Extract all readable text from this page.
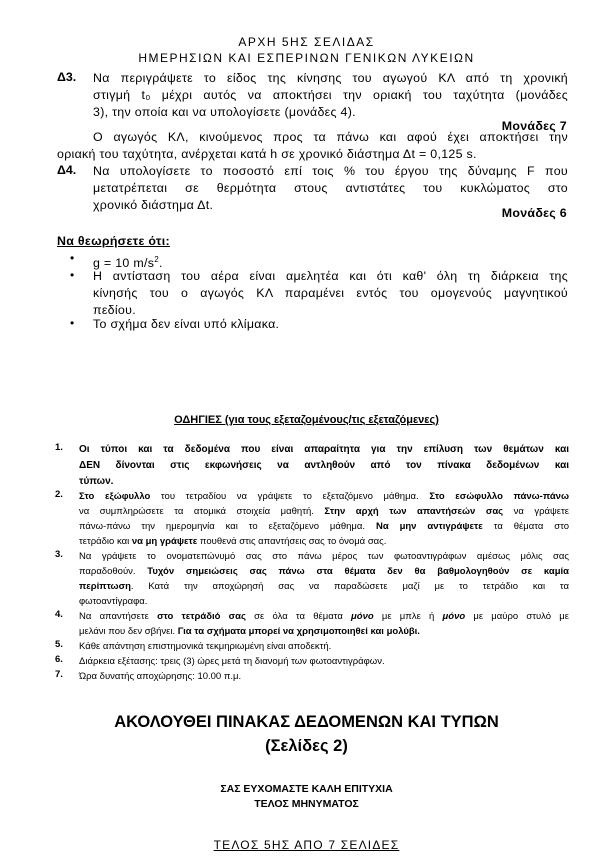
ΑΡΧΗ 5ΗΣ ΣΕΛΙΔΑΣ
ΗΜΕΡΗΣΙΩΝ ΚΑΙ ΕΣΠΕΡΙΝΩΝ ΓΕΝΙΚΩΝ ΛΥΚΕΙΩΝ
Δ3. Να περιγράψετε το είδος της κίνησης του αγωγού ΚΛ από τη χρονική
στιγμή t₀ μέχρι αυτός να αποκτήσει την οριακή του ταχύτητα (μονάδες
3), την οποία και να υπολογίσετε (μονάδες 4).
Μονάδες 7
Ο αγωγός ΚΛ, κινούμενος προς τα πάνω και αφού έχει αποκτήσει την
οριακή του ταχύτητα, ανέρχεται κατά h σε χρονικό διάστημα Δt = 0,125 s.
Δ4. Να υπολογίσετε το ποσοστό επί τοις % του έργου της δύναμης F που
μετατρέπεται σε θερμότητα στους αντιστάτες του κυκλώματος στο
χρονικό διάστημα Δt.
Μονάδες 6
Να θεωρήσετε ότι:
• g = 10 $m/s^2$.
• Η αντίσταση του αέρα είναι αμελητέα και ότι καθ' όλη τη διάρκεια της
κίνησής του ο αγωγός ΚΛ παραμένει εντός του ομογενούς μαγνητικού
πεδίου.
• Το σχήμα δεν είναι υπό κλίμακα.
ΟΔΗΓΙΕΣ (για τους εξεταζομένους/τις εξεταζόμενες)
1. Οι τύποι και τα δεδομένα που είναι απαραίτητα για την επίλυση των θεμάτων και
ΔΕΝ δίνονται στις εκφωνήσεις να αντληθούν από τον πίνακα δεδομένων και
τύπων.
2. Στο εξώφυλλο του τετραδίου να γράψετε το εξεταζόμενο μάθημα. Στο εσώφυλλο πάνω-πάνω
να συμπληρώσετε τα ατομικά στοιχεία μαθητή. Στην αρχή των απαντήσεών σας να γράψετε
πάνω-πάνω την ημερομηνία και το εξεταζόμενο μάθημα. Να μην αντιγράψετε τα θέματα στο
τετράδιο και να μη γράψετε πουθενά στις απαντήσεις σας το όνομά σας.
3. Να γράψετε το ονοματεπώνυμό σας στο πάνω μέρος των φωτοαντιγράφων αμέσως μόλις σας
παραδοθούν. Τυχόν σημειώσεις σας πάνω στα θέματα δεν θα βαθμολογηθούν σε καμία
περίπτωση. Κατά την αποχώρησή σας να παραδώσετε μαζί με το τετράδιο και τα
φωτοαντίγραφα.
4. Να απαντήσετε στο τετράδιό σας σε όλα τα θέματα μόνο με μπλε ή μόνο με μαύρο στυλό με
μελάνι που δεν σβήνει. Για τα σχήματα μπορεί να χρησιμοποιηθεί και μολύβι.
5. Κάθε απάντηση επιστημονικά τεκμηριωμένη είναι αποδεκτή.
6. Διάρκεια εξέτασης: τρεις (3) ώρες μετά τη διανομή των φωτοαντιγράφων.
7. Ώρα δυνατής αποχώρησης: 10.00 π.μ.
ΑΚΟΛΟΥΘΕΙ ΠΙΝΑΚΑΣ ΔΕΔΟΜΕΝΩΝ ΚΑΙ ΤΥΠΩΝ
(Σελίδες 2)
ΣΑΣ ΕΥΧΟΜΑΣΤΕ ΚΑΛΗ ΕΠΙΤΥΧΙΑ
ΤΕΛΟΣ ΜΗΝΥΜΑΤΟΣ
ΤΕΛΟΣ 5ΗΣ ΑΠΟ 7 ΣΕΛΙΔΕΣ
